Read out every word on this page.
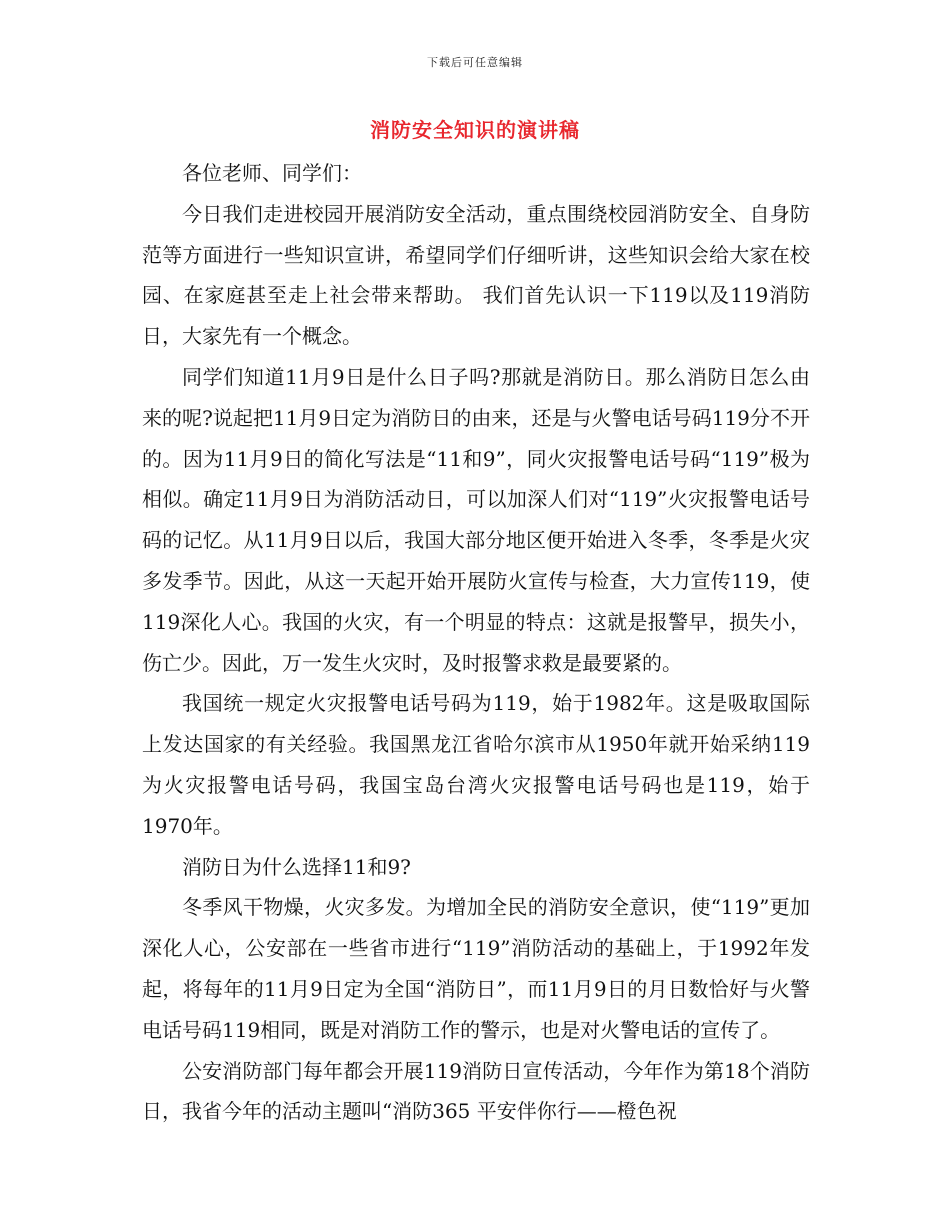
下载后可任意编辑
消防安全知识的演讲稿

各位老师、同学们：

今日我们走进校园开展消防安全活动，重点围绕校园消防安全、自身防范等方面进行一些知识宣讲，希望同学们仔细听讲，这些知识会给大家在校园、在家庭甚至走上社会带来帮助。 我们首先认识一下119以及119消防日，大家先有一个概念。

同学们知道11月9日是什么日子吗?那就是消防日。那么消防日怎么由来的呢?说起把11月9日定为消防日的由来，还是与火警电话号码119分不开的。因为11月9日的简化写法是“11和9”，同火灾报警电话号码“119”极为相似。确定11月9日为消防活动日，可以加深人们对“119”火灾报警电话号码的记忆。从11月9日以后，我国大部分地区便开始进入冬季，冬季是火灾多发季节。因此，从这一天起开始开展防火宣传与检查，大力宣传119，使 119深化人心。我国的火灾，有一个明显的特点：这就是报警早，损失小，伤亡少。因此，万一发生火灾时，及时报警求救是最要紧的。

我国统一规定火灾报警电话号码为119，始于1982年。这是吸取国际上发达国家的有关经验。我国黑龙江省哈尔滨市从1950年就开始采纳119为火灾报警电话号码，我国宝岛台湾火灾报警电话号码也是119，始于1970年。

消防日为什么选择11和9?

冬季风干物燥，火灾多发。为增加全民的消防安全意识，使“119”更加深化人心，公安部在一些省市进行“119”消防活动的基础上，于1992年发起，将每年的11月9日定为全国“消防日”，而11月9日的月日数恰好与火警电话号码119相同，既是对消防工作的警示，也是对火警电话的宣传了。

公安消防部门每年都会开展119消防日宣传活动，今年作为第18个消防日，我省今年的活动主题叫“消防365 平安伴你行——橙色祝
